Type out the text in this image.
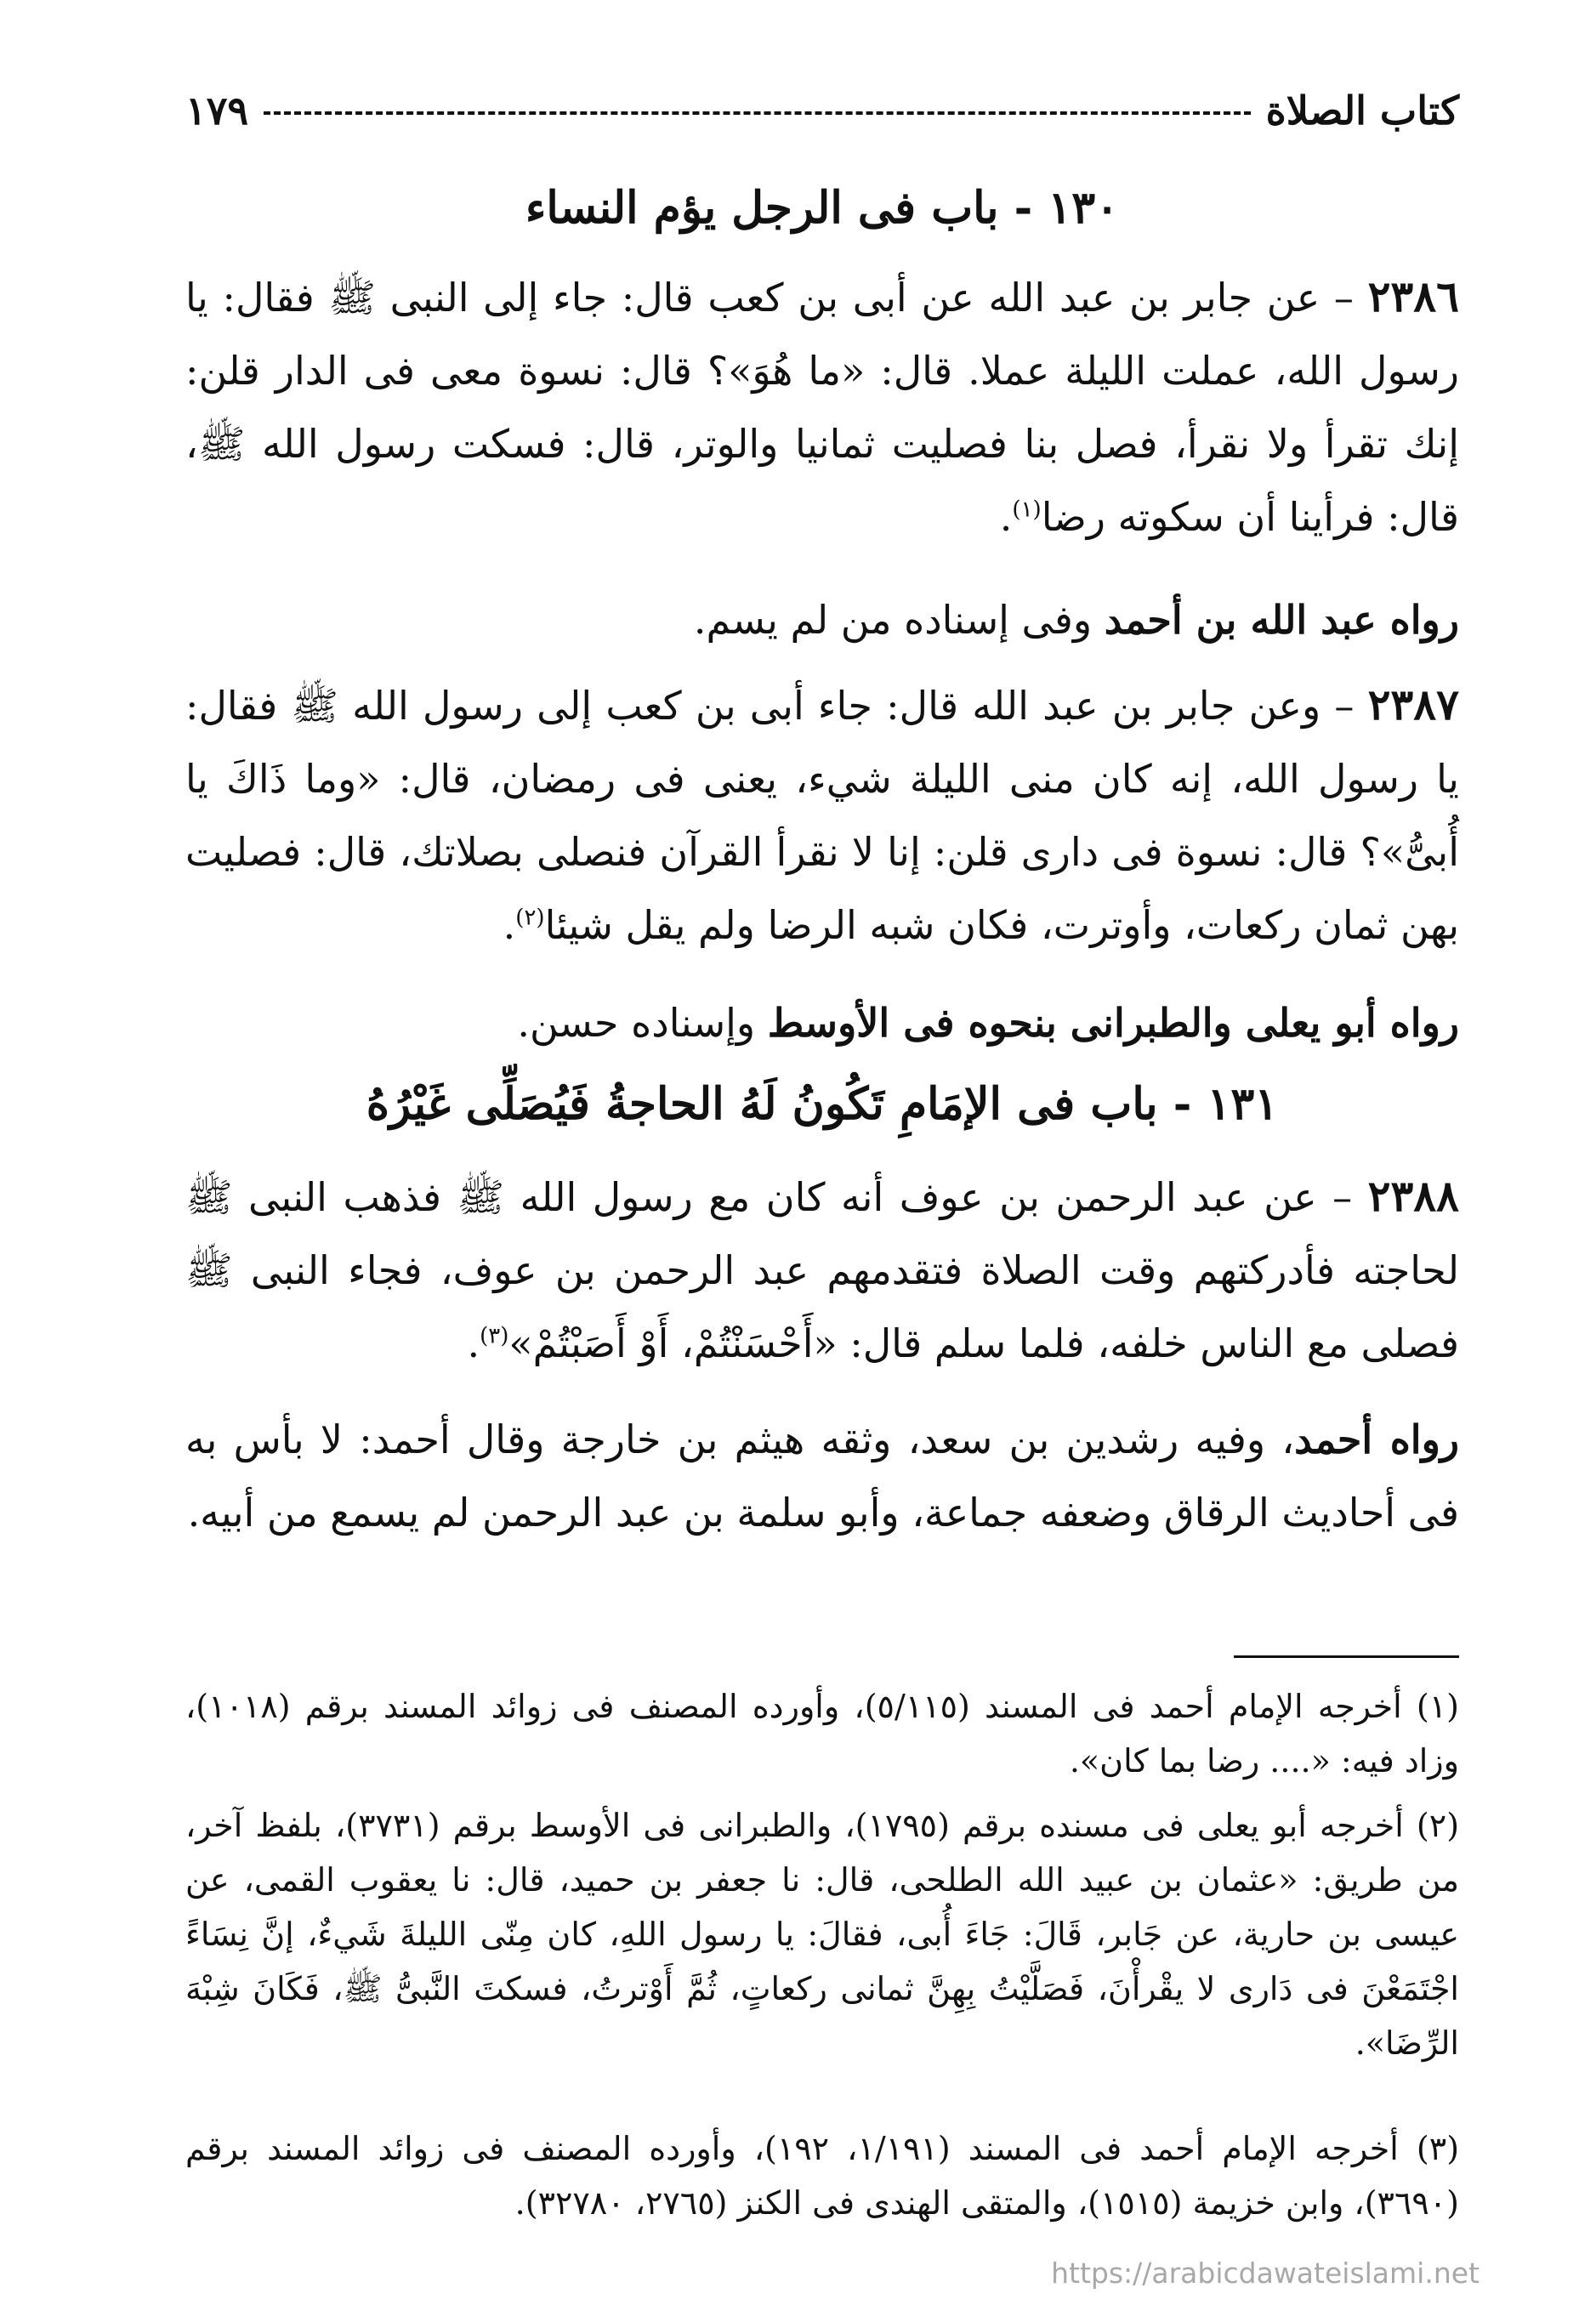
كتاب الصلاة
١٧٩
١٣٠ - باب فى الرجل يؤم النساء

٢٣٨٦ – عن جابر بن عبد الله عن أبى بن كعب قال: جاء إلى النبى ﷺ فقال: يا رسول الله، عملت الليلة عملا. قال: «ما هُوَ»؟ قال: نسوة معى فى الدار قلن: إنك تقرأ ولا نقرأ، فصل بنا فصليت ثمانيا والوتر، قال: فسكت رسول الله ﷺ، قال: فرأينا أن سكوته رضا$^{(١)}$.

رواه عبد الله بن أحمد وفى إسناده من لم يسم.

٢٣٨٧ – وعن جابر بن عبد الله قال: جاء أبى بن كعب إلى رسول الله ﷺ فقال: يا رسول الله، إنه كان منى الليلة شيء، يعنى فى رمضان، قال: «وما ذَاكَ يا أُبىُّ»؟ قال: نسوة فى دارى قلن: إنا لا نقرأ القرآن فنصلى بصلاتك، قال: فصليت بهن ثمان ركعات، وأوترت، فكان شبه الرضا ولم يقل شيئا$^{(٢)}$.

رواه أبو يعلى والطبرانى بنحوه فى الأوسط وإسناده حسن.

١٣١ - باب فى الإمَامِ تَكُونُ لَهُ الحاجةُ فَيُصَلِّى غَيْرُهُ

٢٣٨٨ – عن عبد الرحمن بن عوف أنه كان مع رسول الله ﷺ فذهب النبى ﷺ لحاجته فأدركتهم وقت الصلاة فتقدمهم عبد الرحمن بن عوف، فجاء النبى ﷺ فصلى مع الناس خلفه، فلما سلم قال: «أَحْسَنْتُمْ، أَوْ أَصَبْتُمْ»$^{(٣)}$.

رواه أحمد، وفيه رشدين بن سعد، وثقه هيثم بن خارجة وقال أحمد: لا بأس به فى أحاديث الرقاق وضعفه جماعة، وأبو سلمة بن عبد الرحمن لم يسمع من أبيه.

(١) أخرجه الإمام أحمد فى المسند (٥/١١٥)، وأورده المصنف فى زوائد المسند برقم (١٠١٨)، وزاد فيه: «.... رضا بما كان».

(٢) أخرجه أبو يعلى فى مسنده برقم (١٧٩٥)، والطبرانى فى الأوسط برقم (٣٧٣١)، بلفظ آخر، من طريق: «عثمان بن عبيد الله الطلحى، قال: نا جعفر بن حميد، قال: نا يعقوب القمى، عن عيسى بن حارية، عن جَابر، قَالَ: جَاءَ أُبى، فقالَ: يا رسول اللهِ، كان مِنّى الليلةَ شَيءٌ، إنَّ نِسَاءً اجْتَمَعْنَ فى دَارى لا يقْرأْنَ، فَصَلَّيْتُ بِهِنَّ ثمانى ركعاتٍ، ثُمَّ أَوْترتُ، فسكتَ النَّبىُّ ﷺ، فَكَانَ شِبْهَ الرِّضَا».

(٣) أخرجه الإمام أحمد فى المسند (١/١٩١، ١٩٢)، وأورده المصنف فى زوائد المسند برقم (٣٦٩٠)، وابن خزيمة (١٥١٥)، والمتقى الهندى فى الكنز (٢٧٦٥، ٣٢٧٨٠).

https://arabicdawateislami.net
